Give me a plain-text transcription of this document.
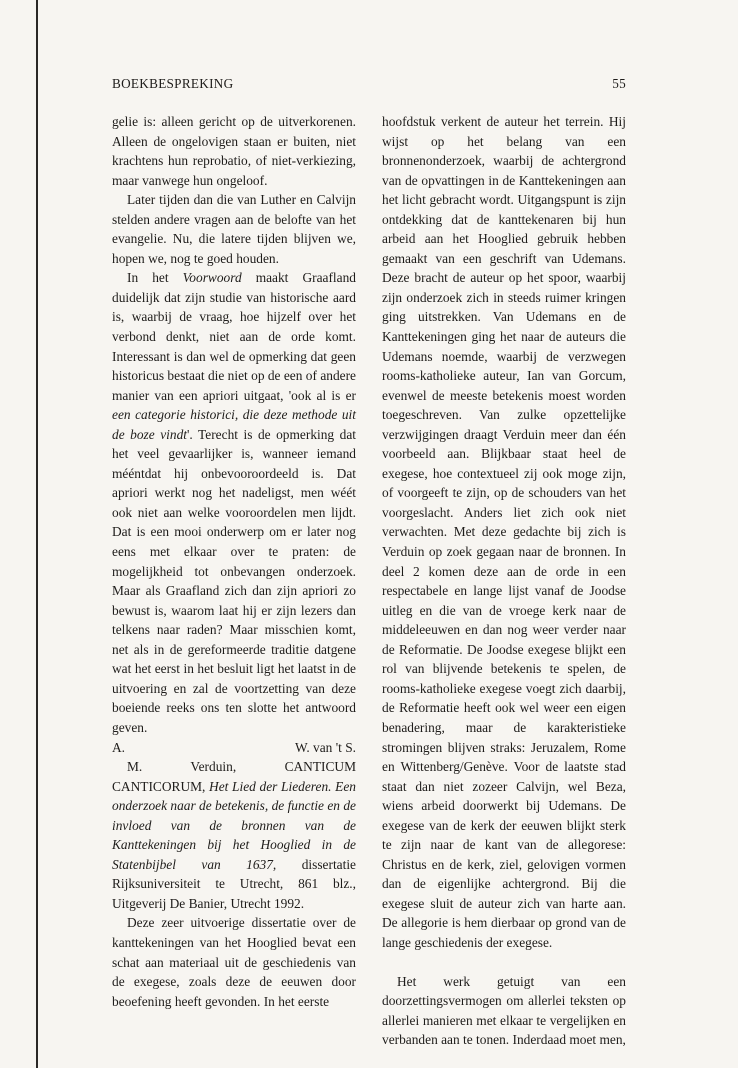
BOEKBESPREKING	55

gelie is: alleen gericht op de uitverkorenen. Alleen de ongelovigen staan er buiten, niet krachtens hun reprobatio, of niet-verkiezing, maar vanwege hun ongeloof.

Later tijden dan die van Luther en Calvijn stelden andere vragen aan de belofte van het evangelie. Nu, die latere tijden blijven we, hopen we, nog te goed houden.

In het Voorwoord maakt Graafland duidelijk dat zijn studie van historische aard is, waarbij de vraag, hoe hijzelf over het verbond denkt, niet aan de orde komt. Interessant is dan wel de opmerking dat geen historicus bestaat die niet op de een of andere manier van een apriori uitgaat, 'ook al is er een categorie historici, die deze methode uit de boze vindt'. Terecht is de opmerking dat het veel gevaarlijker is, wanneer iemand mééntdat hij onbevooroordeeld is. Dat apriori werkt nog het nadeligst, men wéét ook niet aan welke vooroordelen men lijdt. Dat is een mooi onderwerp om er later nog eens met elkaar over te praten: de mogelijkheid tot onbevangen onderzoek. Maar als Graafland zich dan zijn apriori zo bewust is, waarom laat hij er zijn lezers dan telkens naar raden? Maar misschien komt, net als in de gereformeerde traditie datgene wat het eerst in het besluit ligt het laatst in de uitvoering en zal de voortzetting van deze boeiende reeks ons ten slotte het antwoord geven.

A.	W. van 't S.

M. Verduin, CANTICUM CANTICORUM, Het Lied der Liederen. Een onderzoek naar de betekenis, de functie en de invloed van de bronnen van de Kanttekeningen bij het Hooglied in de Statenbijbel van 1637, dissertatie Rijksuniversiteit te Utrecht, 861 blz., Uitgeverij De Banier, Utrecht 1992.

Deze zeer uitvoerige dissertatie over de kanttekeningen van het Hooglied bevat een schat aan materiaal uit de geschiedenis van de exegese, zoals deze de eeuwen door beoefening heeft gevonden. In het eerste

hoofdstuk verkent de auteur het terrein. Hij wijst op het belang van een bronnenonderzoek, waarbij de achtergrond van de opvattingen in de Kanttekeningen aan het licht gebracht wordt. Uitgangspunt is zijn ontdekking dat de kanttekenaren bij hun arbeid aan het Hooglied gebruik hebben gemaakt van een geschrift van Udemans. Deze bracht de auteur op het spoor, waarbij zijn onderzoek zich in steeds ruimer kringen ging uitstrekken. Van Udemans en de Kanttekeningen ging het naar de auteurs die Udemans noemde, waarbij de verzwegen rooms-katholieke auteur, Ian van Gorcum, evenwel de meeste betekenis moest worden toegeschreven. Van zulke opzettelijke verzwijgingen draagt Verduin meer dan één voorbeeld aan. Blijkbaar staat heel de exegese, hoe contextueel zij ook moge zijn, of voorgeeft te zijn, op de schouders van het voorgeslacht. Anders liet zich ook niet verwachten. Met deze gedachte bij zich is Verduin op zoek gegaan naar de bronnen. In deel 2 komen deze aan de orde in een respectabele en lange lijst vanaf de Joodse uitleg en die van de vroege kerk naar de middeleeuwen en dan nog weer verder naar de Reformatie. De Joodse exegese blijkt een rol van blijvende betekenis te spelen, de rooms-katholieke exegese voegt zich daarbij, de Reformatie heeft ook wel weer een eigen benadering, maar de karakteristieke stromingen blijven straks: Jeruzalem, Rome en Wittenberg/Genève. Voor de laatste stad staat dan niet zozeer Calvijn, wel Beza, wiens arbeid doorwerkt bij Udemans. De exegese van de kerk der eeuwen blijkt sterk te zijn naar de kant van de allegorese: Christus en de kerk, ziel, gelovigen vormen dan de eigenlijke achtergrond. Bij die exegese sluit de auteur zich van harte aan. De allegorie is hem dierbaar op grond van de lange geschiedenis der exegese.

Het werk getuigt van een doorzettingsvermogen om allerlei teksten op allerlei manieren met elkaar te vergelijken en verbanden aan te tonen. Inderdaad moet men,
